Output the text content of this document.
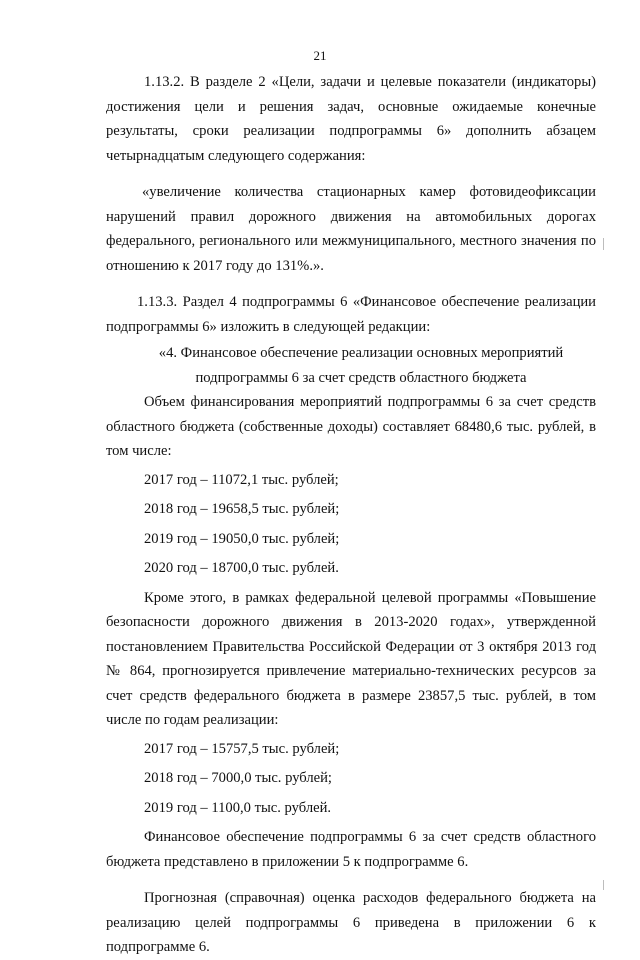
21

1.13.2. В разделе 2 «Цели, задачи и целевые показатели (индикаторы) достижения цели и решения задач, основные ожидаемые конечные результаты, сроки реализации подпрограммы 6» дополнить абзацем четырнадцатым следующего содержания:

«увеличение количества стационарных камер фотовидеофиксации нарушений правил дорожного движения на автомобильных дорогах федерального, регионального или межмуниципального, местного значения по отношению к 2017 году до 131%.».

1.13.3. Раздел 4 подпрограммы 6 «Финансовое обеспечение реализации подпрограммы 6» изложить в следующей редакции:

«4. Финансовое обеспечение реализации основных мероприятий подпрограммы 6 за счет средств областного бюджета

Объем финансирования мероприятий подпрограммы 6 за счет средств областного бюджета (собственные доходы) составляет 68480,6 тыс. рублей, в том числе:

2017 год – 11072,1 тыс. рублей;
2018 год – 19658,5 тыс. рублей;
2019 год – 19050,0 тыс. рублей;
2020 год – 18700,0 тыс. рублей.

Кроме этого, в рамках федеральной целевой программы «Повышение безопасности дорожного движения в 2013-2020 годах», утвержденной постановлением Правительства Российской Федерации от 3 октября 2013 год № 864, прогнозируется привлечение материально-технических ресурсов за счет средств федерального бюджета в размере 23857,5 тыс. рублей, в том числе по годам реализации:

2017 год – 15757,5 тыс. рублей;
2018 год – 7000,0 тыс. рублей;
2019 год – 1100,0 тыс. рублей.

Финансовое обеспечение подпрограммы 6 за счет средств областного бюджета представлено в приложении 5 к подпрограмме 6.

Прогнозная (справочная) оценка расходов федерального бюджета на реализацию целей подпрограммы 6 приведена в приложении 6 к подпрограмме 6.
